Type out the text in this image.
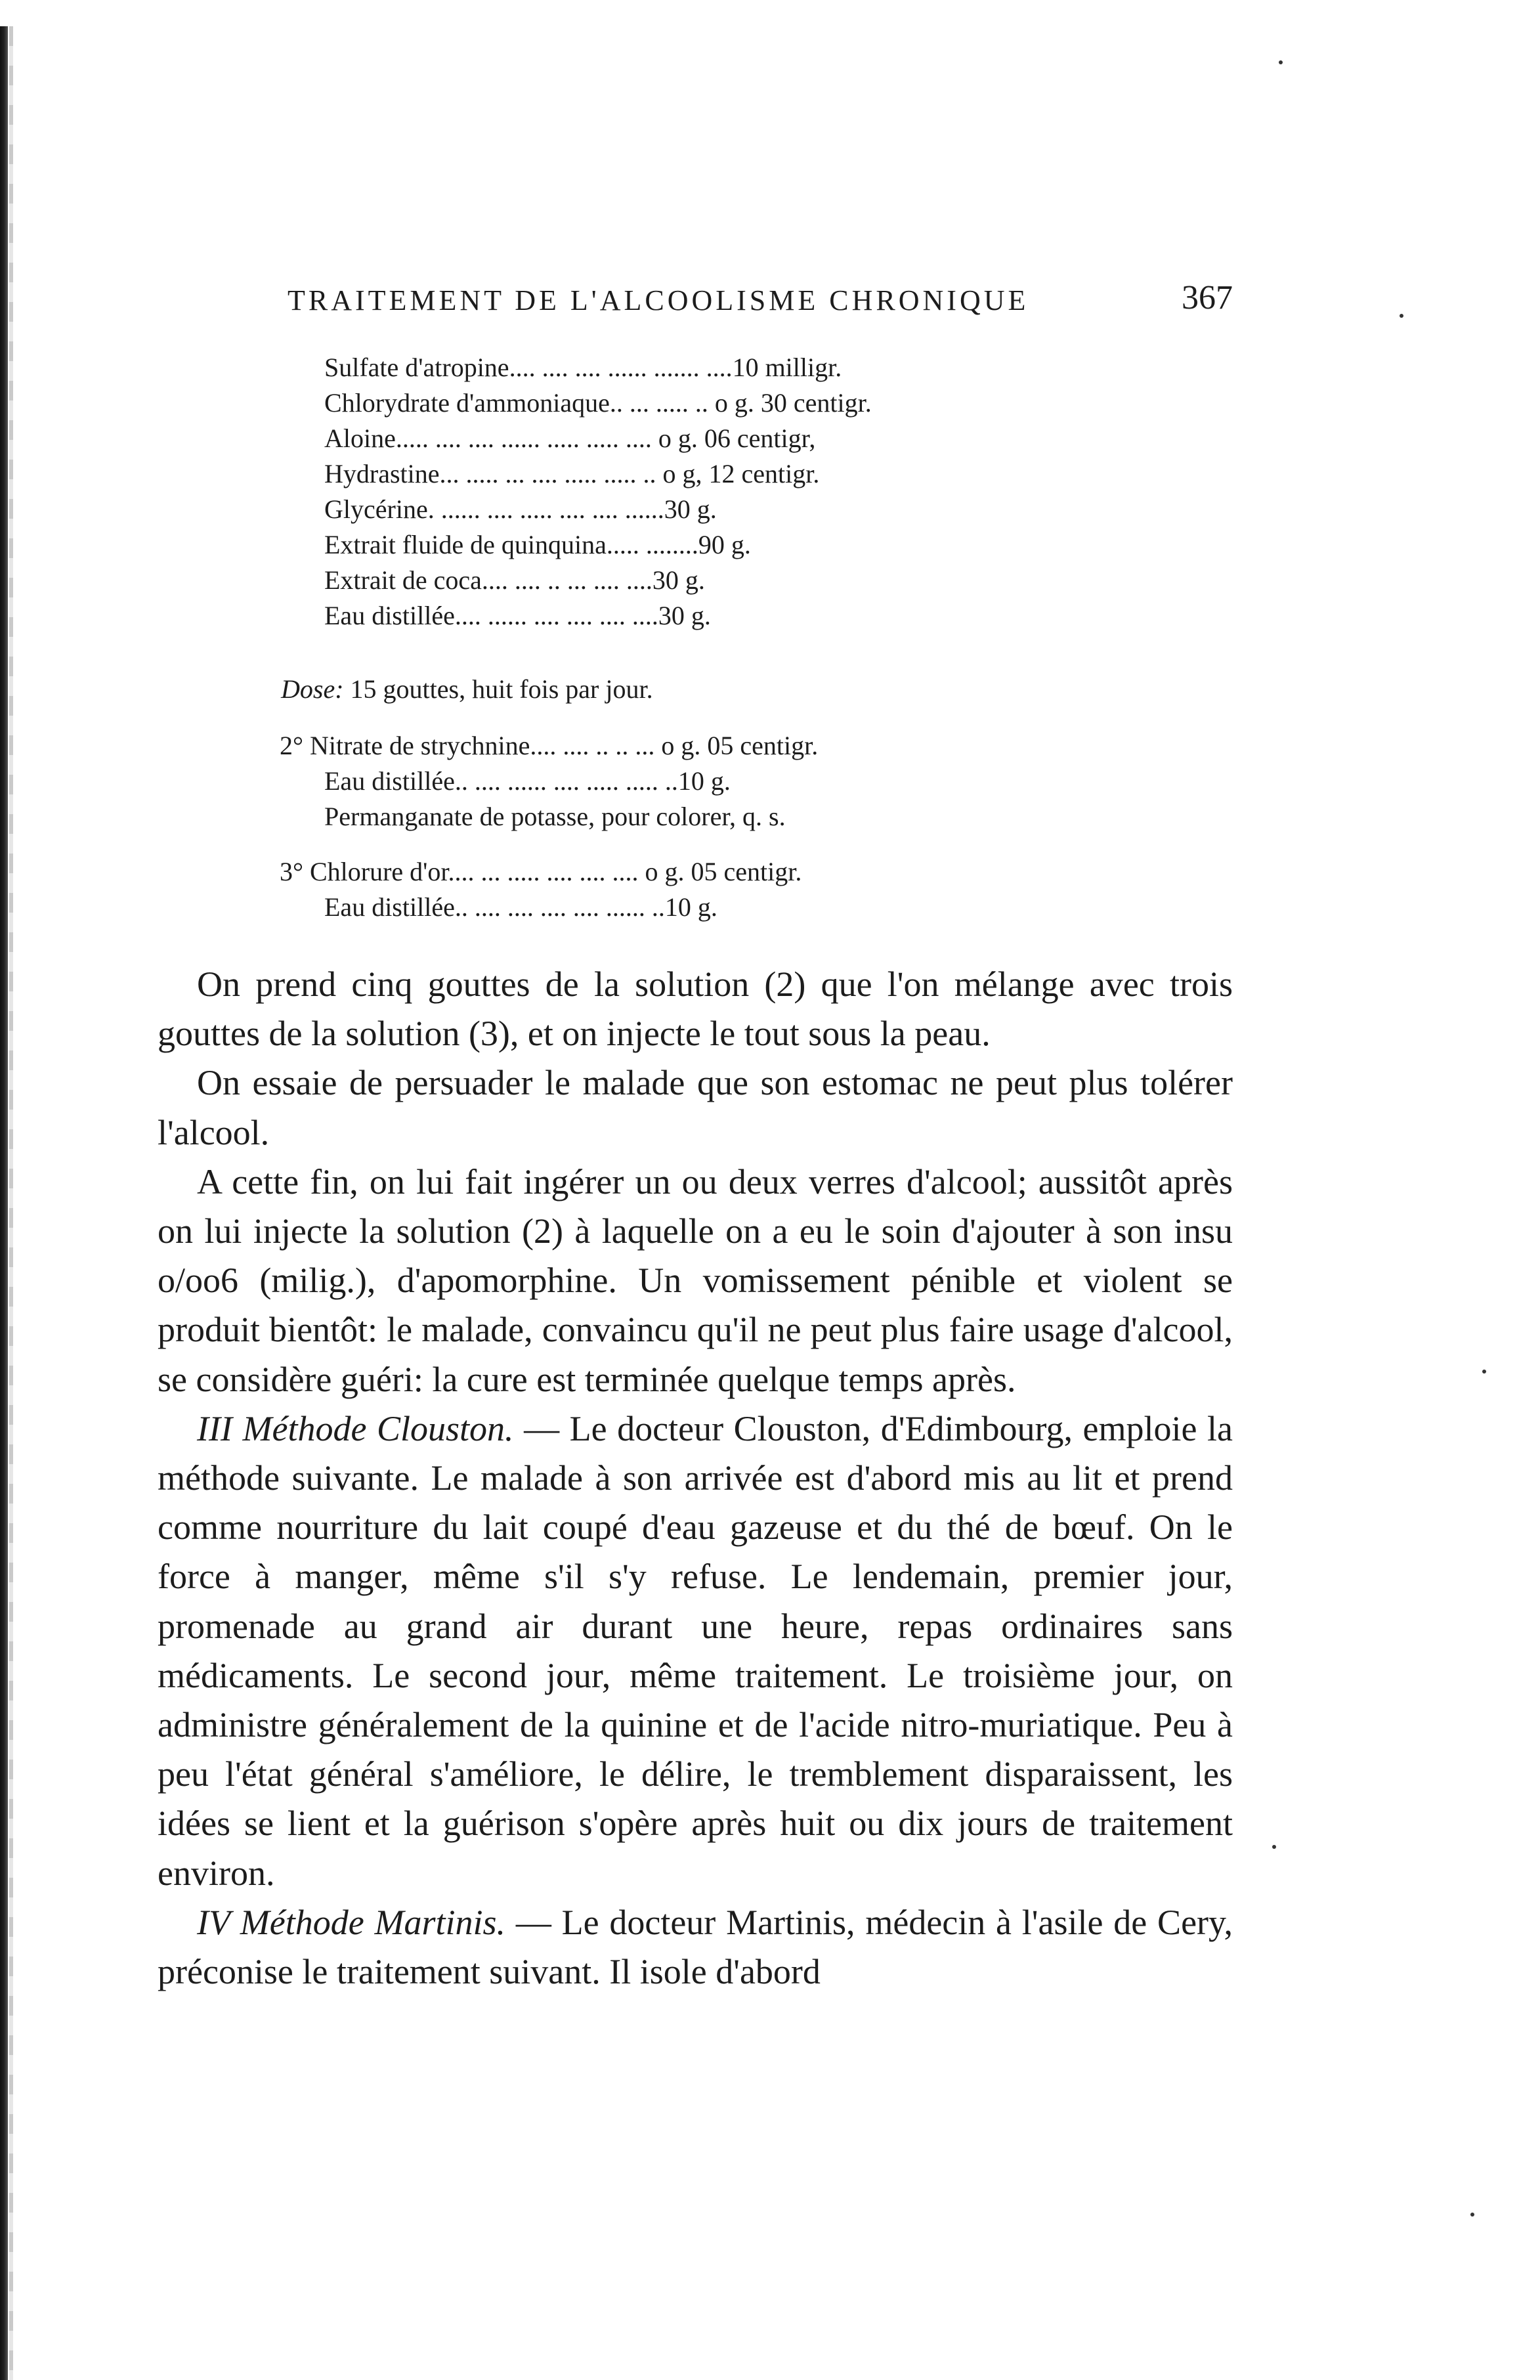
TRAITEMENT DE L'ALCOOLISME CHRONIQUE	367
Sulfate d'atropine.... .... .... ...... ....... ....10 milligr.
Chlorydrate d'ammoniaque.. ... ..... .. o g. 30 centigr.
Aloine..... .... .... ...... ..... ..... .... o g. 06 centigr,
Hydrastine... ..... ... .... ..... ..... .. o g, 12 centigr.
Glycérine. ...... .... ..... .... .... ......30 g.
Extrait fluide de quinquina..... ........90 g.
Extrait de coca.... .... .. ... .... ....30 g.
Eau distillée.... ...... .... .... .... ....30 g.
Dose: 15 gouttes, huit fois par jour.
2° Nitrate de strychnine.... .... .. .. ... o g. 05 centigr.
Eau distillée.. .... ...... .... ..... ..... ..10 g.
Permanganate de potasse, pour colorer, q. s.
3° Chlorure d'or.... ... ..... .... .... .... o g. 05 centigr.
Eau distillée.. .... .... .... .... ...... ..10 g.

On prend cinq gouttes de la solution (2) que l'on mélange avec trois gouttes de la solution (3), et on injecte le tout sous la peau.

On essaie de persuader le malade que son estomac ne peut plus tolérer l'alcool.

A cette fin, on lui fait ingérer un ou deux verres d'alcool; aussitôt après on lui injecte la solution (2) à laquelle on a eu le soin d'ajouter à son insu o/oo6 (milig.), d'apomorphine. Un vomissement pénible et violent se produit bientôt: le malade, convaincu qu'il ne peut plus faire usage d'alcool, se considère guéri: la cure est terminée quelque temps après.

III Méthode Clouston. — Le docteur Clouston, d'Edimbourg, emploie la méthode suivante. Le malade à son arrivée est d'abord mis au lit et prend comme nourriture du lait coupé d'eau gazeuse et du thé de bœuf. On le force à manger, même s'il s'y refuse. Le lendemain, premier jour, promenade au grand air durant une heure, repas ordinaires sans médicaments. Le second jour, même traitement. Le troisième jour, on administre généralement de la quinine et de l'acide nitro-muriatique. Peu à peu l'état général s'améliore, le délire, le tremblement disparaissent, les idées se lient et la guérison s'opère après huit ou dix jours de traitement environ.

IV Méthode Martinis. — Le docteur Martinis, médecin à l'asile de Cery, préconise le traitement suivant. Il isole d'abord
